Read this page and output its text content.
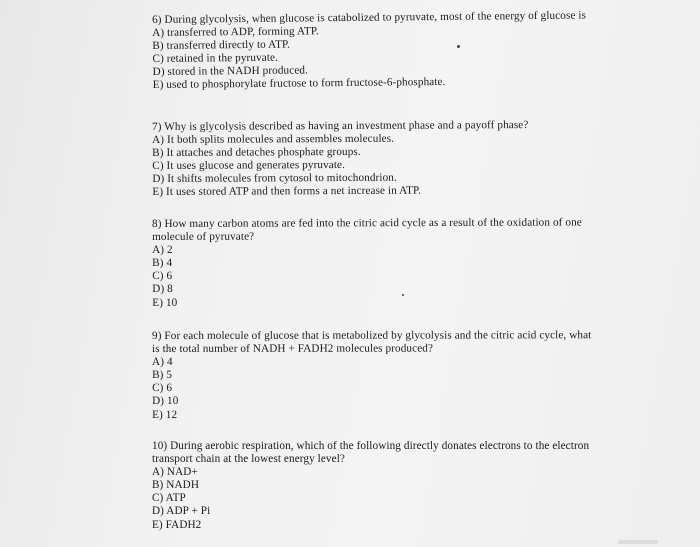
6) During glycolysis, when glucose is catabolized to pyruvate, most of the energy of glucose is
A) transferred to ADP, forming ATP.
B) transferred directly to ATP.
C) retained in the pyruvate.
D) stored in the NADH produced.
E) used to phosphorylate fructose to form fructose-6-phosphate.
7) Why is glycolysis described as having an investment phase and a payoff phase?
A) It both splits molecules and assembles molecules.
B) It attaches and detaches phosphate groups.
C) It uses glucose and generates pyruvate.
D) It shifts molecules from cytosol to mitochondrion.
E) It uses stored ATP and then forms a net increase in ATP.
8) How many carbon atoms are fed into the citric acid cycle as a result of the oxidation of one
molecule of pyruvate?
A) 2
B) 4
C) 6
D) 8
E) 10
9) For each molecule of glucose that is metabolized by glycolysis and the citric acid cycle, what
is the total number of NADH + FADH2 molecules produced?
A) 4
B) 5
C) 6
D) 10
E) 12
10) During aerobic respiration, which of the following directly donates electrons to the electron
transport chain at the lowest energy level?
A) NAD+
B) NADH
C) ATP
D) ADP + Pi
E) FADH2
